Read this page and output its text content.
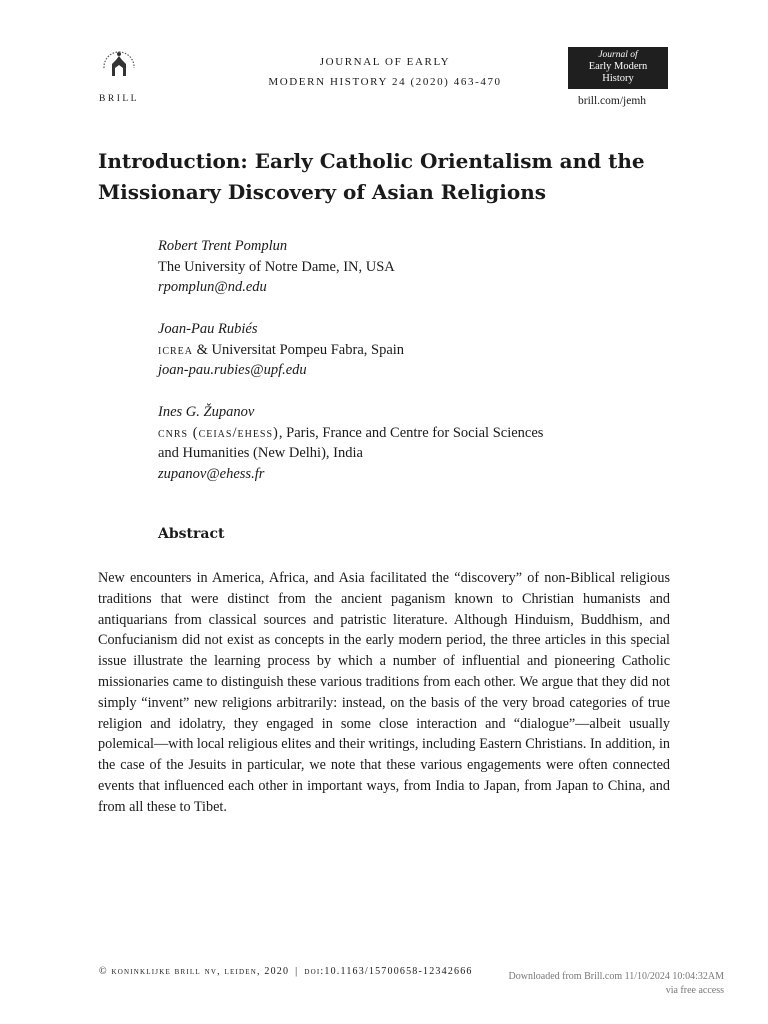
BRILL
JOURNAL OF EARLY
MODERN HISTORY 24 (2020) 463-470
Journal of
Early Modern
History
brill.com/jemh
Introduction: Early Catholic Orientalism and the
Missionary Discovery of Asian Religions
Robert Trent Pomplun
The University of Notre Dame, IN, USA
rpomplun@nd.edu
Joan-Pau Rubiés
icrea & Universitat Pompeu Fabra, Spain
joan-pau.rubies@upf.edu
Ines G. Županov
cnrs (ceias/ehess), Paris, France and Centre for Social Sciences
and Humanities (New Delhi), India
zupanov@ehess.fr
Abstract

New encounters in America, Africa, and Asia facilitated the “discovery” of non-Biblical religious traditions that were distinct from the ancient paganism known to Christian humanists and antiquarians from classical sources and patristic literature. Although Hinduism, Buddhism, and Confucianism did not exist as concepts in the early modern period, the three articles in this special issue illustrate the learning process by which a number of influential and pioneering Catholic missionaries came to distinguish these various traditions from each other. We argue that they did not simply “invent” new religions arbitrarily: instead, on the basis of the very broad categories of true religion and idolatry, they engaged in some close interaction and “dialogue”—albeit usually polemical—with local religious elites and their writings, including Eastern Christians. In addition, in the case of the Jesuits in particular, we note that these various engagements were often connected events that influenced each other in important ways, from India to Japan, from Japan to China, and from all these to Tibet.

© koninklijke brill nv, leiden, 2020 | doi:10.1163/15700658-12342666	Downloaded from Brill.com 11/10/2024 10:04:32AM
via free access
